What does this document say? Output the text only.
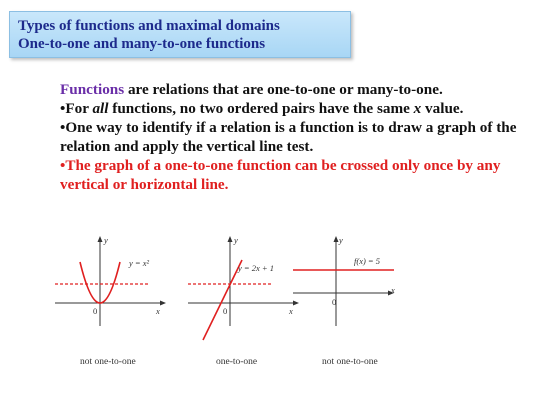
Types of functions and maximal domains
One-to-one and many-to-one functions

Functions are relations that are one-to-one or many-to-one.

•For all functions, no two ordered pairs have the same x value.

•One way to identify if a relation is a function is to draw a graph of the relation and apply the vertical line test.

•The graph of a one-to-one function can be crossed only once by any vertical or horizontal line.

y
x
0
y = x²
not one-to-one
y
x
0
y = 2x + 1
one-to-one
y
x
0
f(x) = 5
not one-to-one
